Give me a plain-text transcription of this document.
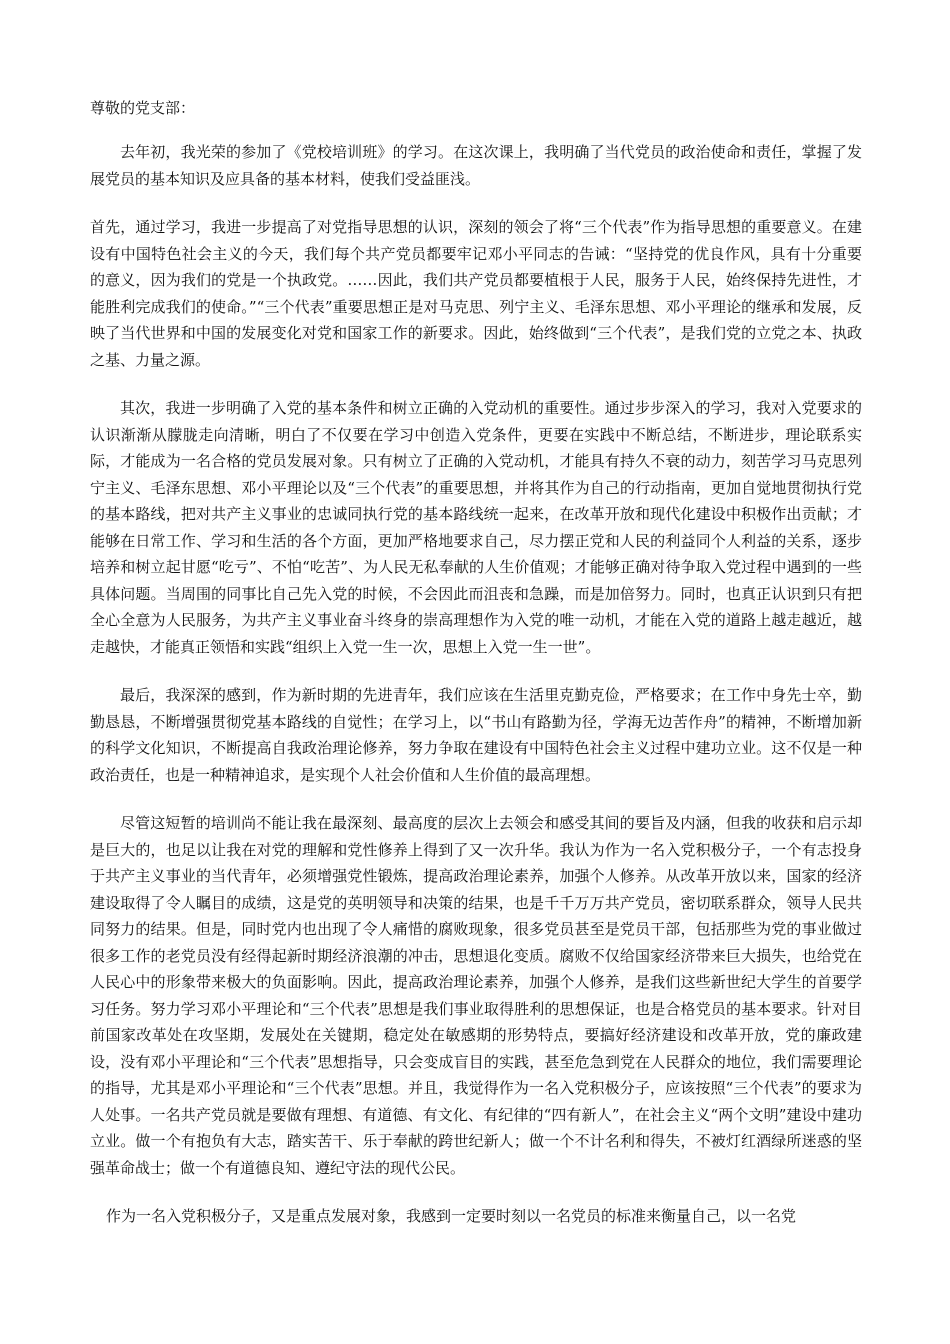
尊敬的党支部：

去年初，我光荣的参加了《党校培训班》的学习。在这次课上，我明确了当代党员的政治使命和责任，掌握了发展党员的基本知识及应具备的基本材料，使我们受益匪浅。

首先，通过学习，我进一步提高了对党指导思想的认识，深刻的领会了将“三个代表”作为指导思想的重要意义。在建设有中国特色社会主义的今天，我们每个共产党员都要牢记邓小平同志的告诫：“坚持党的优良作风，具有十分重要的意义，因为我们的党是一个执政党。……因此，我们共产党员都要植根于人民，服务于人民，始终保持先进性，才能胜利完成我们的使命。”“三个代表”重要思想正是对马克思、列宁主义、毛泽东思想、邓小平理论的继承和发展，反映了当代世界和中国的发展变化对党和国家工作的新要求。因此，始终做到“三个代表”，是我们党的立党之本、执政之基、力量之源。

其次，我进一步明确了入党的基本条件和树立正确的入党动机的重要性。通过步步深入的学习，我对入党要求的认识渐渐从朦胧走向清晰，明白了不仅要在学习中创造入党条件，更要在实践中不断总结，不断进步，理论联系实际，才能成为一名合格的党员发展对象。只有树立了正确的入党动机，才能具有持久不衰的动力，刻苦学习马克思列宁主义、毛泽东思想、邓小平理论以及“三个代表”的重要思想，并将其作为自己的行动指南，更加自觉地贯彻执行党的基本路线，把对共产主义事业的忠诚同执行党的基本路线统一起来，在改革开放和现代化建设中积极作出贡献；才能够在日常工作、学习和生活的各个方面，更加严格地要求自己，尽力摆正党和人民的利益同个人利益的关系，逐步培养和树立起甘愿“吃亏”、不怕“吃苦”、为人民无私奉献的人生价值观；才能够正确对待争取入党过程中遇到的一些具体问题。当周围的同事比自己先入党的时候，不会因此而沮丧和急躁，而是加倍努力。同时，也真正认识到只有把全心全意为人民服务，为共产主义事业奋斗终身的崇高理想作为入党的唯一动机，才能在入党的道路上越走越近，越走越快，才能真正领悟和实践“组织上入党一生一次，思想上入党一生一世”。

最后，我深深的感到，作为新时期的先进青年，我们应该在生活里克勤克俭，严格要求；在工作中身先士卒，勤勤恳恳，不断增强贯彻党基本路线的自觉性；在学习上，以“书山有路勤为径，学海无边苦作舟”的精神，不断增加新的科学文化知识，不断提高自我政治理论修养，努力争取在建设有中国特色社会主义过程中建功立业。这不仅是一种政治责任，也是一种精神追求，是实现个人社会价值和人生价值的最高理想。

尽管这短暂的培训尚不能让我在最深刻、最高度的层次上去领会和感受其间的要旨及内涵，但我的收获和启示却是巨大的，也足以让我在对党的理解和党性修养上得到了又一次升华。我认为作为一名入党积极分子，一个有志投身于共产主义事业的当代青年，必须增强党性锻炼，提高政治理论素养，加强个人修养。从改革开放以来，国家的经济建设取得了令人瞩目的成绩，这是党的英明领导和决策的结果，也是千千万万共产党员，密切联系群众，领导人民共同努力的结果。但是，同时党内也出现了令人痛惜的腐败现象，很多党员甚至是党员干部，包括那些为党的事业做过很多工作的老党员没有经得起新时期经济浪潮的冲击，思想退化变质。腐败不仅给国家经济带来巨大损失，也给党在人民心中的形象带来极大的负面影响。因此，提高政治理论素养，加强个人修养，是我们这些新世纪大学生的首要学习任务。努力学习邓小平理论和“三个代表”思想是我们事业取得胜利的思想保证，也是合格党员的基本要求。针对目前国家改革处在攻坚期，发展处在关键期，稳定处在敏感期的形势特点，要搞好经济建设和改革开放，党的廉政建设，没有邓小平理论和“三个代表”思想指导，只会变成盲目的实践，甚至危急到党在人民群众的地位，我们需要理论的指导，尤其是邓小平理论和“三个代表”思想。并且，我觉得作为一名入党积极分子，应该按照“三个代表”的要求为人处事。一名共产党员就是要做有理想、有道德、有文化、有纪律的“四有新人”，在社会主义“两个文明”建设中建功立业。做一个有抱负有大志，踏实苦干、乐于奉献的跨世纪新人；做一个不计名利和得失，不被灯红酒绿所迷惑的坚强革命战士；做一个有道德良知、遵纪守法的现代公民。

作为一名入党积极分子，又是重点发展对象，我感到一定要时刻以一名党员的标准来衡量自己，以一名党
